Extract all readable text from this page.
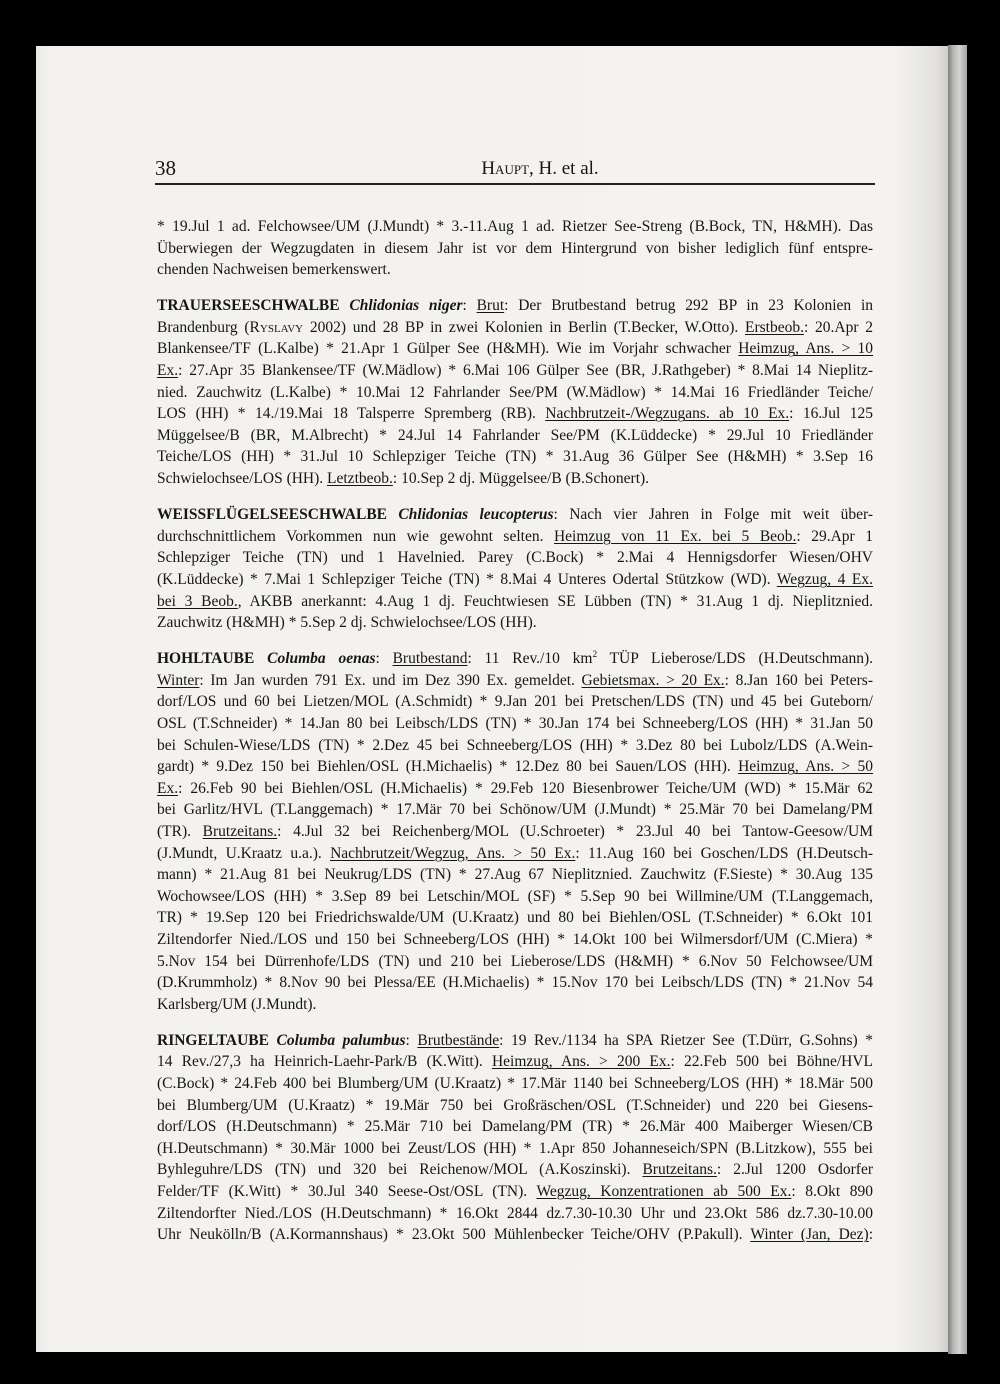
38	Haupt, H. et al.
* 19.Jul 1 ad. Felchowsee/UM (J.Mundt) * 3.-11.Aug 1 ad. Rietzer See-Streng (B.Bock, TN, H&MH). Das
Überwiegen der Wegzugdaten in diesem Jahr ist vor dem Hintergrund von bisher lediglich fünf entspre-
chenden Nachweisen bemerkenswert.
TRAUERSEESCHWALBE Chlidonias niger: Brut: Der Brutbestand betrug 292 BP in 23 Kolonien in
Brandenburg (Ryslavy 2002) und 28 BP in zwei Kolonien in Berlin (T.Becker, W.Otto). Erstbeob.: 20.Apr 2
Blankensee/TF (L.Kalbe) * 21.Apr 1 Gülper See (H&MH). Wie im Vorjahr schwacher Heimzug, Ans. > 10
Ex.: 27.Apr 35 Blankensee/TF (W.Mädlow) * 6.Mai 106 Gülper See (BR, J.Rathgeber) * 8.Mai 14 Nieplitz-
nied. Zauchwitz (L.Kalbe) * 10.Mai 12 Fahrlander See/PM (W.Mädlow) * 14.Mai 16 Friedländer Teiche/
LOS (HH) * 14./19.Mai 18 Talsperre Spremberg (RB). Nachbrutzeit-/Wegzugans. ab 10 Ex.: 16.Jul 125
Müggelsee/B (BR, M.Albrecht) * 24.Jul 14 Fahrlander See/PM (K.Lüddecke) * 29.Jul 10 Friedländer
Teiche/LOS (HH) * 31.Jul 10 Schlepziger Teiche (TN) * 31.Aug 36 Gülper See (H&MH) * 3.Sep 16
Schwielochsee/LOS (HH). Letztbeob.: 10.Sep 2 dj. Müggelsee/B (B.Schonert).
WEISSFLÜGELSEESCHWALBE Chlidonias leucopterus: Nach vier Jahren in Folge mit weit über-
durchschnittlichem Vorkommen nun wie gewohnt selten. Heimzug von 11 Ex. bei 5 Beob.: 29.Apr 1
Schlepziger Teiche (TN) und 1 Havelnied. Parey (C.Bock) * 2.Mai 4 Hennigsdorfer Wiesen/OHV
(K.Lüddecke) * 7.Mai 1 Schlepziger Teiche (TN) * 8.Mai 4 Unteres Odertal Stützkow (WD). Wegzug, 4 Ex.
bei 3 Beob., AKBB anerkannt: 4.Aug 1 dj. Feuchtwiesen SE Lübben (TN) * 31.Aug 1 dj. Nieplitznied.
Zauchwitz (H&MH) * 5.Sep 2 dj. Schwielochsee/LOS (HH).
HOHLTAUBE Columba oenas: Brutbestand: 11 Rev./10 $km^2$ TÜP Lieberose/LDS (H.Deutschmann).
Winter: Im Jan wurden 791 Ex. und im Dez 390 Ex. gemeldet. Gebietsmax. > 20 Ex.: 8.Jan 160 bei Peters-
dorf/LOS und 60 bei Lietzen/MOL (A.Schmidt) * 9.Jan 201 bei Pretschen/LDS (TN) und 45 bei Guteborn/
OSL (T.Schneider) * 14.Jan 80 bei Leibsch/LDS (TN) * 30.Jan 174 bei Schneeberg/LOS (HH) * 31.Jan 50
bei Schulen-Wiese/LDS (TN) * 2.Dez 45 bei Schneeberg/LOS (HH) * 3.Dez 80 bei Lubolz/LDS (A.Wein-
gardt) * 9.Dez 150 bei Biehlen/OSL (H.Michaelis) * 12.Dez 80 bei Sauen/LOS (HH). Heimzug, Ans. > 50
Ex.: 26.Feb 90 bei Biehlen/OSL (H.Michaelis) * 29.Feb 120 Biesenbrower Teiche/UM (WD) * 15.Mär 62
bei Garlitz/HVL (T.Langgemach) * 17.Mär 70 bei Schönow/UM (J.Mundt) * 25.Mär 70 bei Damelang/PM
(TR). Brutzeitans.: 4.Jul 32 bei Reichenberg/MOL (U.Schroeter) * 23.Jul 40 bei Tantow-Geesow/UM
(J.Mundt, U.Kraatz u.a.). Nachbrutzeit/Wegzug, Ans. > 50 Ex.: 11.Aug 160 bei Goschen/LDS (H.Deutsch-
mann) * 21.Aug 81 bei Neukrug/LDS (TN) * 27.Aug 67 Nieplitznied. Zauchwitz (F.Sieste) * 30.Aug 135
Wochowsee/LOS (HH) * 3.Sep 89 bei Letschin/MOL (SF) * 5.Sep 90 bei Willmine/UM (T.Langgemach,
TR) * 19.Sep 120 bei Friedrichswalde/UM (U.Kraatz) und 80 bei Biehlen/OSL (T.Schneider) * 6.Okt 101
Ziltendorfer Nied./LOS und 150 bei Schneeberg/LOS (HH) * 14.Okt 100 bei Wilmersdorf/UM (C.Miera) *
5.Nov 154 bei Dürrenhofe/LDS (TN) und 210 bei Lieberose/LDS (H&MH) * 6.Nov 50 Felchowsee/UM
(D.Krummholz) * 8.Nov 90 bei Plessa/EE (H.Michaelis) * 15.Nov 170 bei Leibsch/LDS (TN) * 21.Nov 54
Karlsberg/UM (J.Mundt).
RINGELTAUBE Columba palumbus: Brutbestände: 19 Rev./1134 ha SPA Rietzer See (T.Dürr, G.Sohns) *
14 Rev./27,3 ha Heinrich-Laehr-Park/B (K.Witt). Heimzug, Ans. > 200 Ex.: 22.Feb 500 bei Böhne/HVL
(C.Bock) * 24.Feb 400 bei Blumberg/UM (U.Kraatz) * 17.Mär 1140 bei Schneeberg/LOS (HH) * 18.Mär 500
bei Blumberg/UM (U.Kraatz) * 19.Mär 750 bei Großräschen/OSL (T.Schneider) und 220 bei Giesens-
dorf/LOS (H.Deutschmann) * 25.Mär 710 bei Damelang/PM (TR) * 26.Mär 400 Maiberger Wiesen/CB
(H.Deutschmann) * 30.Mär 1000 bei Zeust/LOS (HH) * 1.Apr 850 Johanneseich/SPN (B.Litzkow), 555 bei
Byhleguhre/LDS (TN) und 320 bei Reichenow/MOL (A.Koszinski). Brutzeitans.: 2.Jul 1200 Osdorfer
Felder/TF (K.Witt) * 30.Jul 340 Seese-Ost/OSL (TN). Wegzug, Konzentrationen ab 500 Ex.: 8.Okt 890
Ziltendorfter Nied./LOS (H.Deutschmann) * 16.Okt 2844 dz.7.30-10.30 Uhr und 23.Okt 586 dz.7.30-10.00
Uhr Neukölln/B (A.Kormannshaus) * 23.Okt 500 Mühlenbecker Teiche/OHV (P.Pakull). Winter (Jan, Dez):
